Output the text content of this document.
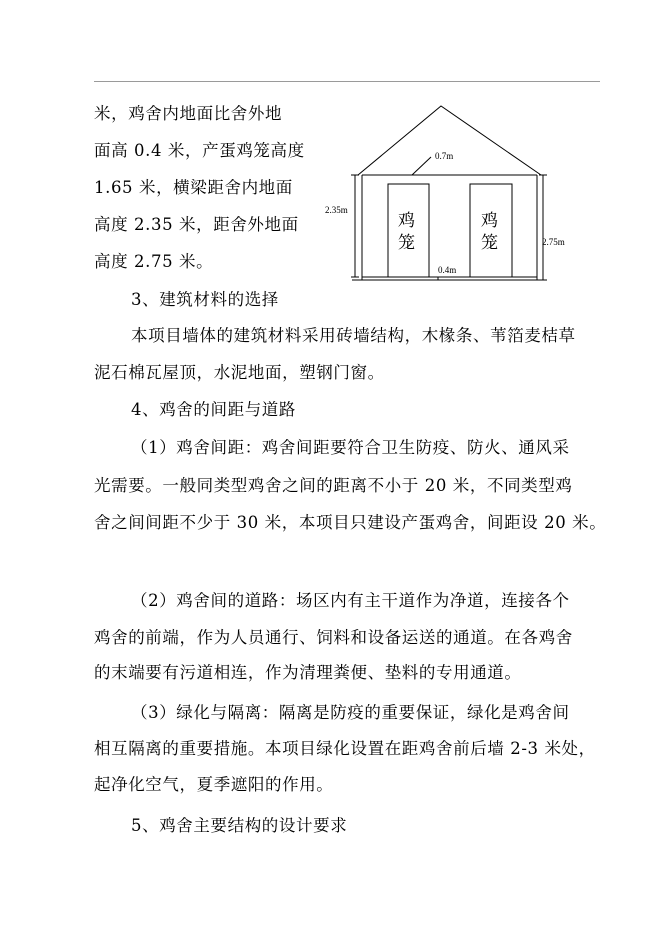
米，鸡舍内地面比舍外地
面高 0.4 米，产蛋鸡笼高度
1.65 米，横梁距舍内地面
高度 2.35 米，距舍外地面
高度 2.75 米。
2.35m
2.75m
0.7m
0.4m
鸡
笼
鸡
笼
3、建筑材料的选择
本项目墙体的建筑材料采用砖墙结构，木椽条、苇箔麦桔草
泥石棉瓦屋顶，水泥地面，塑钢门窗。
4、鸡舍的间距与道路
（1）鸡舍间距：鸡舍间距要符合卫生防疫、防火、通风采
光需要。一般同类型鸡舍之间的距离不小于 20 米，不同类型鸡
舍之间间距不少于 30 米，本项目只建设产蛋鸡舍，间距设 20 米。
（2）鸡舍间的道路：场区内有主干道作为净道，连接各个
鸡舍的前端，作为人员通行、饲料和设备运送的通道。在各鸡舍
的末端要有污道相连，作为清理粪便、垫料的专用通道。
（3）绿化与隔离：隔离是防疫的重要保证，绿化是鸡舍间
相互隔离的重要措施。本项目绿化设置在距鸡舍前后墙 2-3 米处，
起净化空气，夏季遮阳的作用。
5、鸡舍主要结构的设计要求
